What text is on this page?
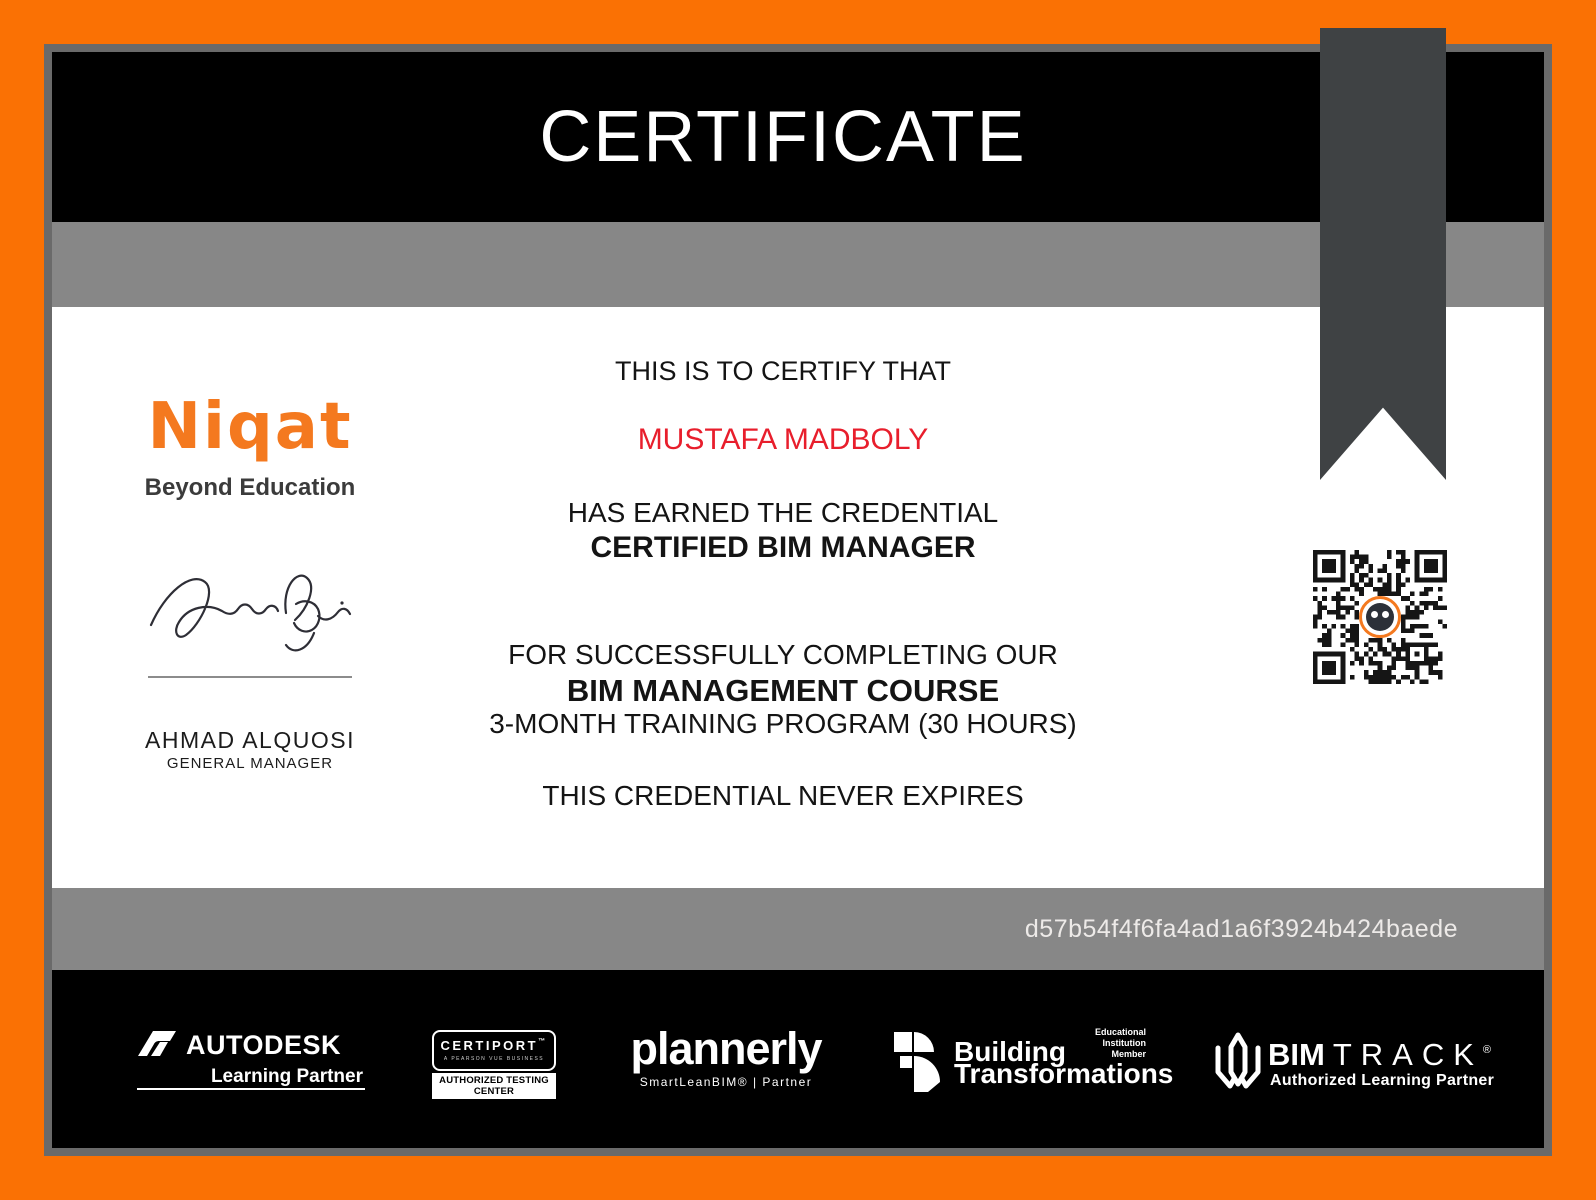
CERTIFICATE
Niqat
Beyond Education
AHMAD ALQUOSI
GENERAL MANAGER
THIS IS TO CERTIFY THAT
MUSTAFA MADBOLY
HAS EARNED THE CREDENTIAL
CERTIFIED BIM MANAGER
FOR SUCCESSFULLY COMPLETING OUR
BIM MANAGEMENT COURSE
3-MONTH TRAINING PROGRAM (30 HOURS)
THIS CREDENTIAL NEVER EXPIRES
d57b54f4f6fa4ad1a6f3924b424baede
AUTODESK
Learning Partner
CERTIPORT™
A PEARSON VUE BUSINESS
AUTHORIZED TESTING CENTER
plannerly
SmartLeanBIM® | Partner
Building
Transformations
Educational
Institution
Member	BIM TRACK ®
Authorized Learning Partner
